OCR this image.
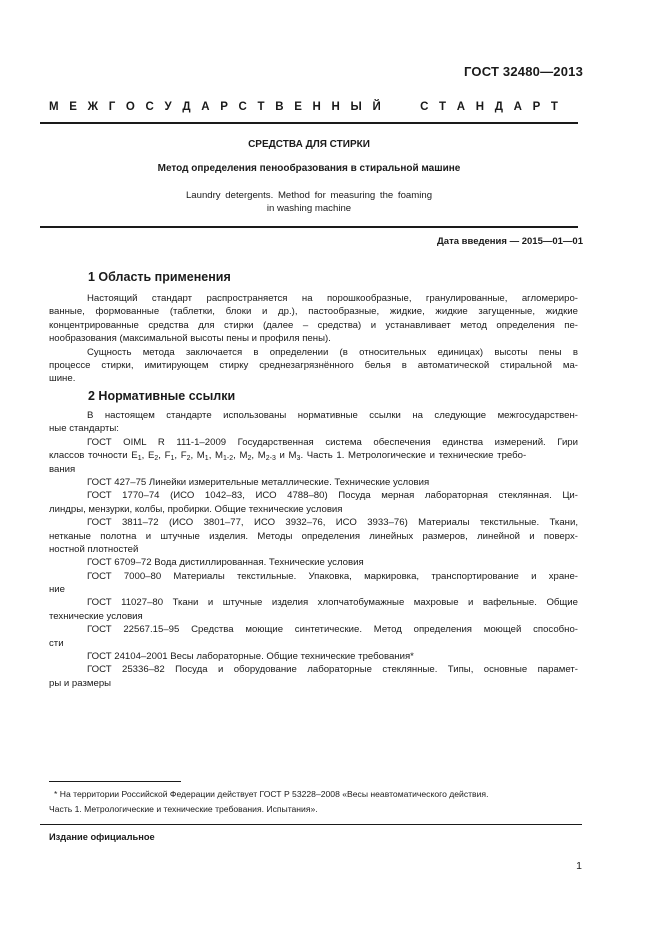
ГОСТ 32480—2013
М Е Ж Г О С У Д А Р С Т В Е Н Н Ы Й	С Т А Н Д А Р Т
СРЕДСТВА ДЛЯ СТИРКИ
Метод определения пенообразования в стиральной машине
Laundry detergents. Method for measuring the foaming
in washing machine
Дата введения — 2015—01—01
1 Область применения
Настоящий стандарт распространяется на порошкообразные, гранулированные, агломериро-
ванные, формованные (таблетки, блоки и др.), пастообразные, жидкие, жидкие загущенные, жидкие
концентрированные средства для стирки (далее – средства) и устанавливает метод определения пе-
нообразования (максимальной высоты пены и профиля пены).
Сущность метода заключается в определении (в относительных единицах) высоты пены в
процессе стирки, имитирующем стирку среднезагрязнённого белья в автоматической стиральной ма-
шине.
2 Нормативные ссылки
В настоящем стандарте использованы нормативные ссылки на следующие межгосударствен-
ные стандарты:
ГОСТ OIML R 111-1–2009 Государственная система обеспечения единства измерений. Гири
классов точности $E_1$, $E_2$, $F_1$, $F_2$, $M_1$, $M_{1-2}$, $M_2$, $M_{2-3}$ и $M_3$. Часть 1. Метрологические и технические требо-
вания
ГОСТ 427–75 Линейки измерительные металлические. Технические условия
ГОСТ 1770–74 (ИСО 1042–83, ИСО 4788–80) Посуда мерная лабораторная стеклянная. Ци-
линдры, мензурки, колбы, пробирки. Общие технические условия
ГОСТ 3811–72 (ИСО 3801–77, ИСО 3932–76, ИСО 3933–76) Материалы текстильные. Ткани,
нетканые полотна и штучные изделия. Методы определения линейных размеров, линейной и поверх-
ностной плотностей
ГОСТ 6709–72 Вода дистиллированная. Технические условия
ГОСТ 7000–80 Материалы текстильные. Упаковка, маркировка, транспортирование и хране-
ние
ГОСТ 11027–80 Ткани и штучные изделия хлопчатобумажные махровые и вафельные. Общие
технические условия
ГОСТ 22567.15–95 Средства моющие синтетические. Метод определения моющей способно-
сти
ГОСТ 24104–2001 Весы лабораторные. Общие технические требования*
ГОСТ 25336–82 Посуда и оборудование лабораторные стеклянные. Типы, основные парамет-
ры и размеры
* На территории Российской Федерации действует ГОСТ Р 53228–2008 «Весы неавтоматического действия.
Часть 1. Метрологические и технические требования. Испытания».
Издание официальное
1
